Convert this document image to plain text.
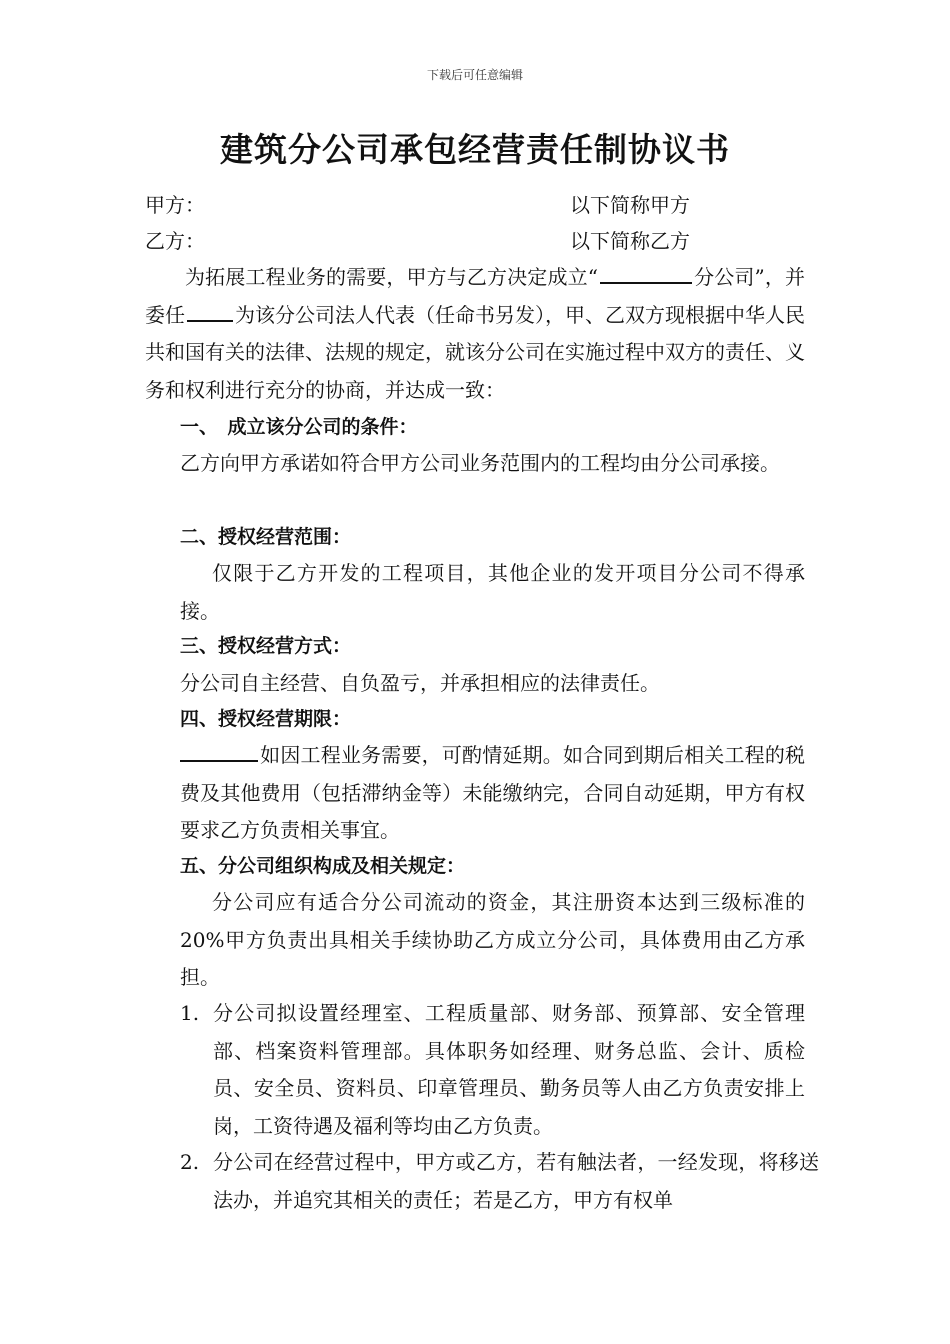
下载后可任意编辑
建筑分公司承包经营责任制协议书
甲方：	以下简称甲方
乙方：	以下简称乙方
为拓展工程业务的需要，甲方与乙方决定成立“	分公司”，并委任	为该分公司法人代表（任命书另发），甲、乙双方现根据中华人民共和国有关的法律、法规的规定，就该分公司在实施过程中双方的责任、义务和权利进行充分的协商，并达成一致：
一、　成立该分公司的条件：
乙方向甲方承诺如符合甲方公司业务范围内的工程均由分公司承接。
二、授权经营范围：
仅限于乙方开发的工程项目，其他企业的发开项目分公司不得承接。
三、授权经营方式：
分公司自主经营、自负盈亏，并承担相应的法律责任。
四、授权经营期限：
如因工程业务需要，可酌情延期。如合同到期后相关工程的税费及其他费用（包括滞纳金等）未能缴纳完，合同自动延期，甲方有权要求乙方负责相关事宜。
五、分公司组织构成及相关规定：
分公司应有适合分公司流动的资金，其注册资本达到三级标准的20%甲方负责出具相关手续协助乙方成立分公司，具体费用由乙方承担。
1. 分公司拟设置经理室、工程质量部、财务部、预算部、安全管理部、档案资料管理部。具体职务如经理、财务总监、会计、质检员、安全员、资料员、印章管理员、勤务员等人由乙方负责安排上岗，工资待遇及福利等均由乙方负责。
2. 分公司在经营过程中，甲方或乙方，若有触法者，一经发现，将移送法办，并追究其相关的责任；若是乙方，甲方有权单
